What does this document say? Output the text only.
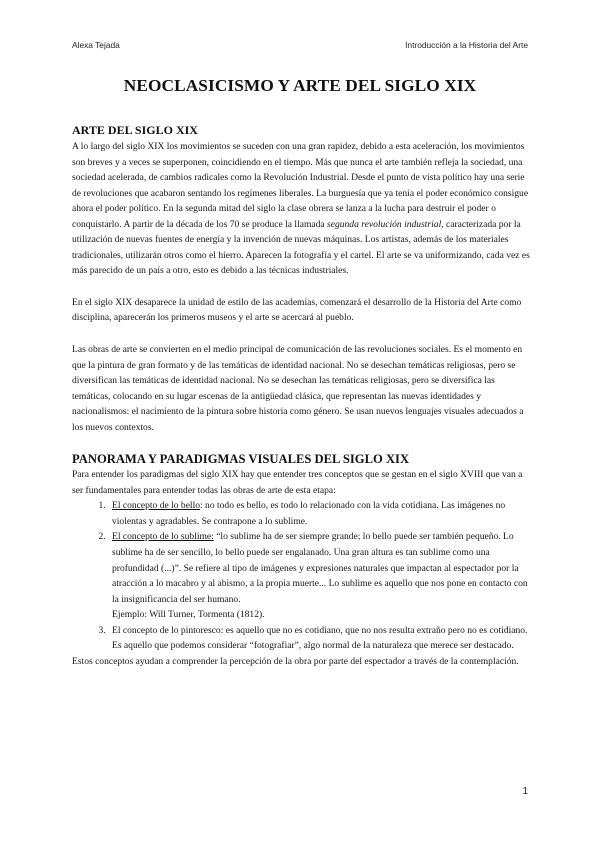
Alexa Tejada	Introducción a la Historia del Arte
NEOCLASICISMO Y ARTE DEL SIGLO XIX
ARTE DEL SIGLO XIX

A lo largo del siglo XIX los movimientos se suceden con una gran rapidez, debido a esta aceleración, los movimientos son breves y a veces se superponen, coincidiendo en el tiempo. Más que nunca el arte también refleja la sociedad, una sociedad acelerada, de cambios radicales como la Revolución Industrial. Desde el punto de vista político hay una serie de revoluciones que acabaron sentando los regímenes liberales. La burguesía que ya tenía el poder económico consigue ahora el poder político. En la segunda mitad del siglo la clase obrera se lanza a la lucha para destruir el poder o conquistarlo. A partir de la década de los 70 se produce la llamada segunda revolución industrial, caracterizada por la utilización de nuevas fuentes de energía y la invención de nuevas máquinas. Los artistas, además de los materiales tradicionales, utilizarán otros como el hierro. Aparecen la fotografía y el cartel. El arte se va uniformizando, cada vez es más parecido de un país a otro, esto es debido a las técnicas industriales.

En el siglo XIX desaparece la unidad de estilo de las academias, comenzará el desarrollo de la Historia del Arte como disciplina, aparecerán los primeros museos y el arte se acercará al pueblo.

Las obras de arte se convierten en el medio principal de comunicación de las revoluciones sociales. Es el momento en que la pintura de gran formato y de las temáticas de identidad nacional. No se desechan temáticas religiosas, pero se diversifican las temáticas de identidad nacional. No se desechan las temáticas religiosas, pero se diversifica las temáticas, colocando en su lugar escenas de la antigüedad clásica, que representan las nuevas identidades y nacionalismos: el nacimiento de la pintura sobre historia como género. Se usan nuevos lenguajes visuales adecuados a los nuevos contextos.

PANORAMA Y PARADIGMAS VISUALES DEL SIGLO XIX

Para entender los paradigmas del siglo XIX hay que entender tres conceptos que se gestan en el siglo XVIII que van a ser fundamentales para entender todas las obras de arte de esta etapa:

1. El concepto de lo bello: no todo es bello, es todo lo relacionado con la vida cotidiana. Las imágenes no violentas y agradables. Se contrapone a lo sublime.
2. El concepto de lo sublime: “lo sublime ha de ser siempre grande; lo bello puede ser también pequeño. Lo sublime ha de ser sencillo, lo bello puede ser engalanado. Una gran altura es tan sublime como una profundidad (...)”. Se refiere al tipo de imágenes y expresiones naturales que impactan al espectador por la atracción a lo macabro y al abismo, a la propia muerte... Lo sublime es aquello que nos pone en contacto con la insignificancia del ser humano.
Ejemplo: Will Turner, Tormenta (1812).
3. El concepto de lo pintoresco: es aquello que no es cotidiano, que no nos resulta extraño pero no es cotidiano. Es aquello que podemos considerar “fotografiar”, algo normal de la naturaleza que merece ser destacado.

Estos conceptos ayudan a comprender la percepción de la obra por parte del espectador a través de la contemplación.

1
